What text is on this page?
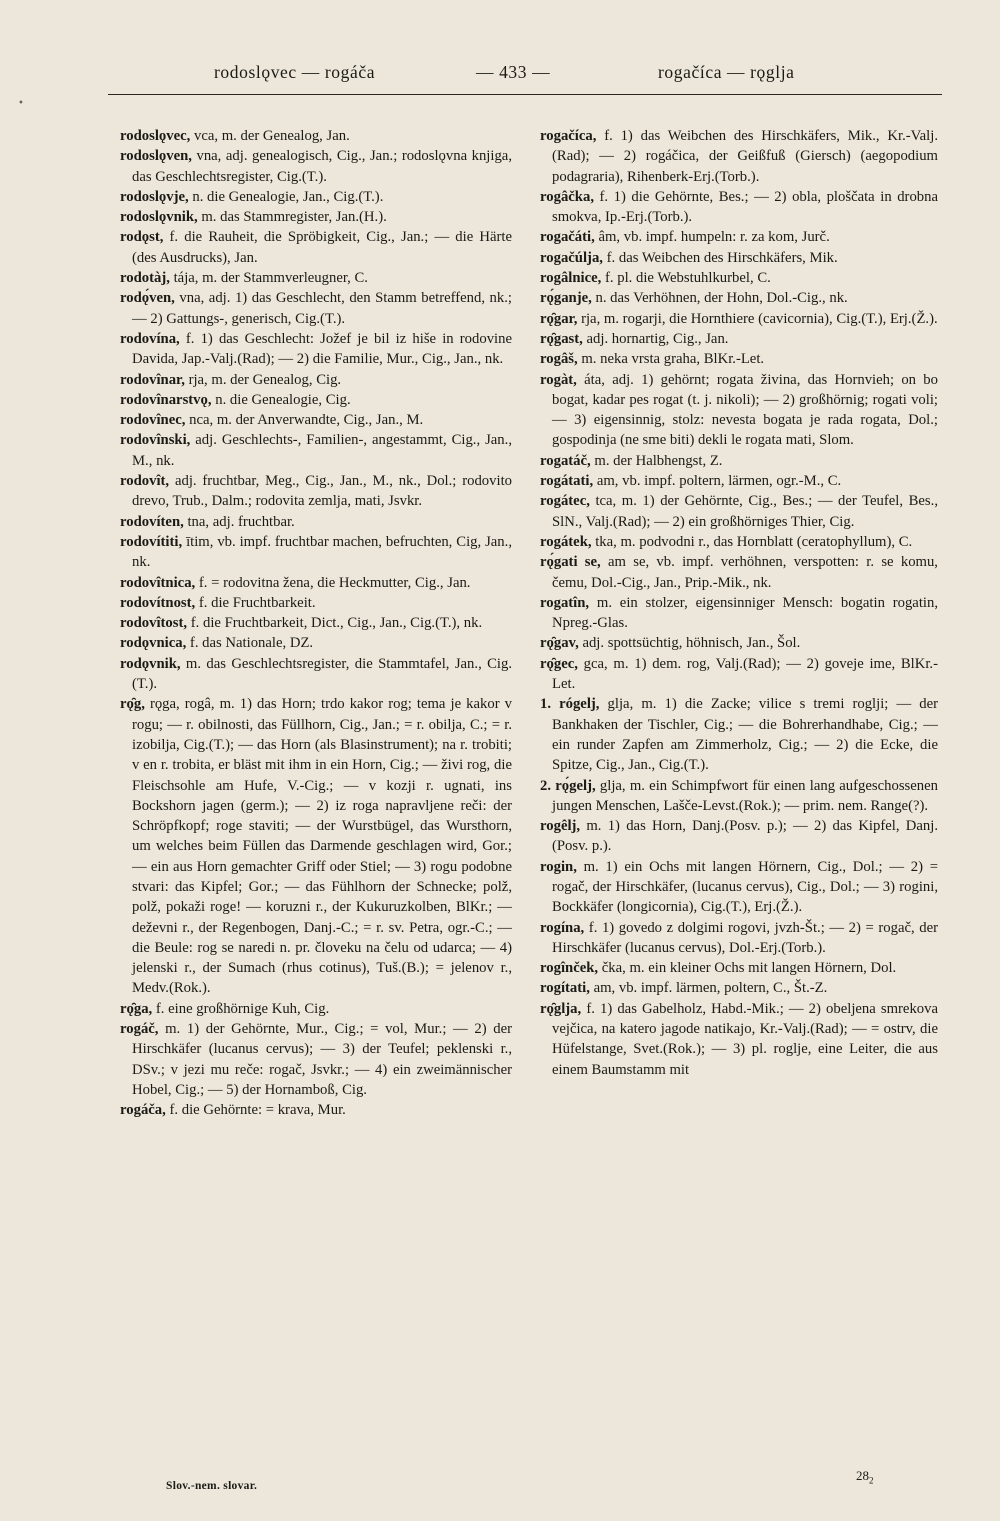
•
rodoslǫvec — rogáča	— 433 —	rogačíca — rǫglja

rodoslǫvec, vca, m. der Genealog, Jan.

rodoslǫven, vna, adj. genealogisch, Cig., Jan.; rodoslǫvna knjiga, das Geschlechtsregister, Cig.(T.).

rodoslǫvje, n. die Genealogie, Jan., Cig.(T.).

rodoslǫvnik, m. das Stammregister, Jan.(H.).

rodǫst, f. die Rauheit, die Spröbigkeit, Cig., Jan.; — die Härte (des Ausdrucks), Jan.

rodotàj, tája, m. der Stammverleugner, C.

rodǫ́ven, vna, adj. 1) das Geschlecht, den Stamm betreffend, nk.; — 2) Gattungs-, generisch, Cig.(T.).

rodovína, f. 1) das Geschlecht: Jožef je bil iz hiše in rodovine Davida, Jap.-Valj.(Rad); — 2) die Familie, Mur., Cig., Jan., nk.

rodovînar, rja, m. der Genealog, Cig.

rodovînarstvǫ, n. die Genealogie, Cig.

rodovînec, nca, m. der Anverwandte, Cig., Jan., M.

rodovînski, adj. Geschlechts-, Familien-, angestammt, Cig., Jan., M., nk.

rodovît, adj. fruchtbar, Meg., Cig., Jan., M., nk., Dol.; rodovito drevo, Trub., Dalm.; rodovita zemlja, mati, Jsvkr.

rodovíten, tna, adj. fruchtbar.

rodovítiti, ītim, vb. impf. fruchtbar machen, befruchten, Cig, Jan., nk.

rodovîtnica, f. = rodovitna žena, die Heckmutter, Cig., Jan.

rodovítnost, f. die Fruchtbarkeit.

rodovîtost, f. die Fruchtbarkeit, Dict., Cig., Jan., Cig.(T.), nk.

rodǫvnica, f. das Nationale, DZ.

rodǫvnik, m. das Geschlechtsregister, die Stammtafel, Jan., Cig.(T.).

rǫ̑g, rǫga, rogâ, m. 1) das Horn; trdo kakor rog; tema je kakor v rogu; — r. obilnosti, das Füllhorn, Cig., Jan.; = r. obilja, C.; = r. izobilja, Cig.(T.); — das Horn (als Blasinstrument); na r. trobiti; v en r. trobita, er bläst mit ihm in ein Horn, Cig.; — živi rog, die Fleischsohle am Hufe, V.-Cig.; — v kozji r. ugnati, ins Bockshorn jagen (germ.); — 2) iz roga napravljene reči: der Schröpfkopf; roge staviti; — der Wurstbügel, das Wursthorn, um welches beim Füllen das Darmende geschlagen wird, Gor.; — ein aus Horn gemachter Griff oder Stiel; — 3) rogu podobne stvari: das Kipfel; Gor.; — das Fühlhorn der Schnecke; polž, polž, pokaži roge! — koruzni r., der Kukuruzkolben, BlKr.; — deževni r., der Regenbogen, Danj.-C.; = r. sv. Petra, ogr.-C.; — die Beule: rog se naredi n. pr. človeku na čelu od udarca; — 4) jelenski r., der Sumach (rhus cotinus), Tuš.(B.); = jelenov r., Medv.(Rok.).

rǫ̑ga, f. eine großhörnige Kuh, Cig.

rogáč, m. 1) der Gehörnte, Mur., Cig.; = vol, Mur.; — 2) der Hirschkäfer (lucanus cervus); — 3) der Teufel; peklenski r., DSv.; v jezi mu reče: rogač, Jsvkr.; — 4) ein zweimännischer Hobel, Cig.; — 5) der Hornamboß, Cig.

rogáča, f. die Gehörnte: = krava, Mur.

rogačíca, f. 1) das Weibchen des Hirschkäfers, Mik., Kr.-Valj.(Rad); — 2) rogáčica, der Geißfuß (Giersch) (aegopodium podagraria), Rihenberk-Erj.(Torb.).

rogâčka, f. 1) die Gehörnte, Bes.; — 2) obla, ploščata in drobna smokva, Ip.-Erj.(Torb.).

rogačáti, âm, vb. impf. humpeln: r. za kom, Jurč.

rogačúlja, f. das Weibchen des Hirschkäfers, Mik.

rogâlnice, f. pl. die Webstuhlkurbel, C.

rǫ́ganje, n. das Verhöhnen, der Hohn, Dol.-Cig., nk.

rǫ̑gar, rja, m. rogarji, die Hornthiere (cavicornia), Cig.(T.), Erj.(Ž.).

rǫ̑gast, adj. hornartig, Cig., Jan.

rogâš, m. neka vrsta graha, BlKr.-Let.

rogàt, áta, adj. 1) gehörnt; rogata živina, das Hornvieh; on bo bogat, kadar pes rogat (t. j. nikoli); — 2) großhörnig; rogati voli; — 3) eigensinnig, stolz: nevesta bogata je rada rogata, Dol.; gospodinja (ne sme biti) dekli le rogata mati, Slom.

rogatáč, m. der Halbhengst, Z.

rogátati, am, vb. impf. poltern, lärmen, ogr.-M., C.

rogátec, tca, m. 1) der Gehörnte, Cig., Bes.; — der Teufel, Bes., SlN., Valj.(Rad); — 2) ein großhörniges Thier, Cig.

rogátek, tka, m. podvodni r., das Hornblatt (ceratophyllum), C.

rǫ́gati se, am se, vb. impf. verhöhnen, verspotten: r. se komu, čemu, Dol.-Cig., Jan., Prip.-Mik., nk.

rogatîn, m. ein stolzer, eigensinniger Mensch: bogatin rogatin, Npreg.-Glas.

rǫ̑gav, adj. spottsüchtig, höhnisch, Jan., Šol.

rǫ̑gec, gca, m. 1) dem. rog, Valj.(Rad); — 2) goveje ime, BlKr.-Let.

1. rógelj, glja, m. 1) die Zacke; vilice s tremi roglji; — der Bankhaken der Tischler, Cig.; — die Bohrerhandhabe, Cig.; — ein runder Zapfen am Zimmerholz, Cig.; — 2) die Ecke, die Spitze, Cig., Jan., Cig.(T.).

2. rǫ́gelj, glja, m. ein Schimpfwort für einen lang aufgeschossenen jungen Menschen, Lašče-Levst.(Rok.); — prim. nem. Range(?).

rogêlj, m. 1) das Horn, Danj.(Posv. p.); — 2) das Kipfel, Danj.(Posv. p.).

rogin, m. 1) ein Ochs mit langen Hörnern, Cig., Dol.; — 2) = rogač, der Hirschkäfer, (lucanus cervus), Cig., Dol.; — 3) rogini, Bockkäfer (longicornia), Cig.(T.), Erj.(Ž.).

rogína, f. 1) govedo z dolgimi rogovi, jvzh-Št.; — 2) = rogač, der Hirschkäfer (lucanus cervus), Dol.-Erj.(Torb.).

rogînček, čka, m. ein kleiner Ochs mit langen Hörnern, Dol.

rogítati, am, vb. impf. lärmen, poltern, C., Št.-Z.

rǫ̑glja, f. 1) das Gabelholz, Habd.-Mik.; — 2) obeljena smrekova vejčica, na katero jagode natikajo, Kr.-Valj.(Rad); — = ostrv, die Hüfelstange, Svet.(Rok.); — 3) pl. roglje, eine Leiter, die aus einem Baumstamm mit

Slov.-nem. slovar.
$28_2$
